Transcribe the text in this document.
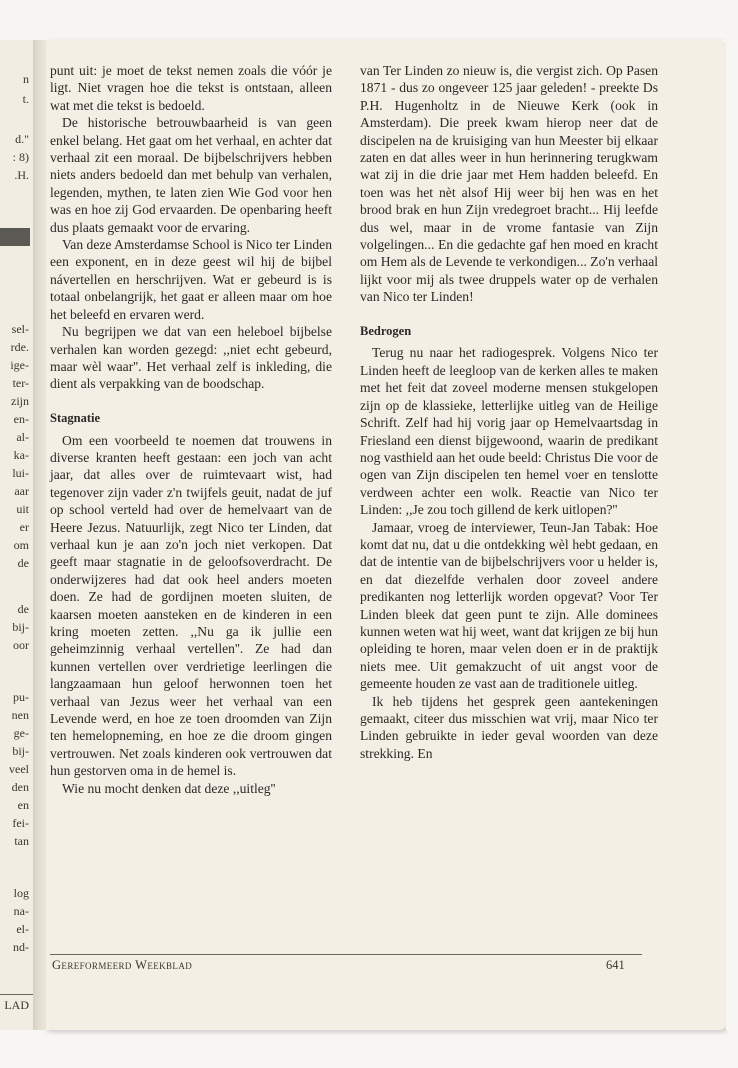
n
t.
d."
: 8)
.H.
sel-
rde.
ige-
ter-
zijn
en-
al-
ka-
lui-
aar
uit
er
om
de
de
bij-
oor
pu-
nen
ge-
bij-
veel
den
en
fei-
tan
log
na-
el-
nd-
LAD

punt uit: je moet de tekst nemen zoals die vóór je ligt. Niet vragen hoe die tekst is ontstaan, alleen wat met die tekst is bedoeld.

De historische betrouwbaarheid is van geen enkel belang. Het gaat om het verhaal, en achter dat verhaal zit een moraal. De bijbelschrijvers hebben niets anders bedoeld dan met behulp van verhalen, legenden, mythen, te laten zien Wie God voor hen was en hoe zij God ervaarden. De openbaring heeft dus plaats gemaakt voor de ervaring.

Van deze Amsterdamse School is Nico ter Linden een exponent, en in deze geest wil hij de bijbel návertellen en herschrijven. Wat er gebeurd is is totaal onbelangrijk, het gaat er alleen maar om hoe het beleefd en ervaren werd.

Nu begrijpen we dat van een heleboel bijbelse verhalen kan worden gezegd: ,,niet echt gebeurd, maar wèl waar''. Het verhaal zelf is inkleding, die dient als verpakking van de boodschap.

Stagnatie

Om een voorbeeld te noemen dat trouwens in diverse kranten heeft gestaan: een joch van acht jaar, dat alles over de ruimtevaart wist, had tegenover zijn vader z'n twijfels geuit, nadat de juf op school verteld had over de hemelvaart van de Heere Jezus. Natuurlijk, zegt Nico ter Linden, dat verhaal kun je aan zo'n joch niet verkopen. Dat geeft maar stagnatie in de geloofsoverdracht. De onderwijzeres had dat ook heel anders moeten doen. Ze had de gordijnen moeten sluiten, de kaarsen moeten aansteken en de kinderen in een kring moeten zetten. ,,Nu ga ik jullie een geheimzinnig verhaal vertellen''. Ze had dan kunnen vertellen over verdrietige leerlingen die langzaamaan hun geloof herwonnen toen het verhaal van Jezus weer het verhaal van een Levende werd, en hoe ze toen droomden van Zijn ten hemelopneming, en hoe ze die droom gingen vertrouwen. Net zoals kinderen ook vertrouwen dat hun gestorven oma in de hemel is.

Wie nu mocht denken dat deze ,,uitleg''

van Ter Linden zo nieuw is, die vergist zich. Op Pasen 1871 - dus zo ongeveer 125 jaar geleden! - preekte Ds P.H. Hugenholtz in de Nieuwe Kerk (ook in Amsterdam). Die preek kwam hierop neer dat de discipelen na de kruisiging van hun Meester bij elkaar zaten en dat alles weer in hun herinnering terugkwam wat zij in die drie jaar met Hem hadden beleefd. En toen was het nèt alsof Hij weer bij hen was en het brood brak en hun Zijn vredegroet bracht... Hij leefde dus wel, maar in de vrome fantasie van Zijn volgelingen... En die gedachte gaf hen moed en kracht om Hem als de Levende te verkondigen... Zo'n verhaal lijkt voor mij als twee druppels water op de verhalen van Nico ter Linden!

Bedrogen

Terug nu naar het radiogesprek. Volgens Nico ter Linden heeft de leegloop van de kerken alles te maken met het feit dat zoveel moderne mensen stukgelopen zijn op de klassieke, letterlijke uitleg van de Heilige Schrift. Zelf had hij vorig jaar op Hemelvaartsdag in Friesland een dienst bijgewoond, waarin de predikant nog vasthield aan het oude beeld: Christus Die voor de ogen van Zijn discipelen ten hemel voer en tenslotte verdween achter een wolk. Reactie van Nico ter Linden: ,,Je zou toch gillend de kerk uitlopen?''

Jamaar, vroeg de interviewer, Teun-Jan Tabak: Hoe komt dat nu, dat u die ontdekking wèl hebt gedaan, en dat de intentie van de bijbelschrijvers voor u helder is, en dat diezelfde verhalen door zoveel andere predikanten nog letterlijk worden opgevat? Voor Ter Linden bleek dat geen punt te zijn. Alle dominees kunnen weten wat hij weet, want dat krijgen ze bij hun opleiding te horen, maar velen doen er in de praktijk niets mee. Uit gemakzucht of uit angst voor de gemeente houden ze vast aan de traditionele uitleg.

Ik heb tijdens het gesprek geen aantekeningen gemaakt, citeer dus misschien wat vrij, maar Nico ter Linden gebruikte in ieder geval woorden van deze strekking. En

Gereformeerd Weekblad	641
